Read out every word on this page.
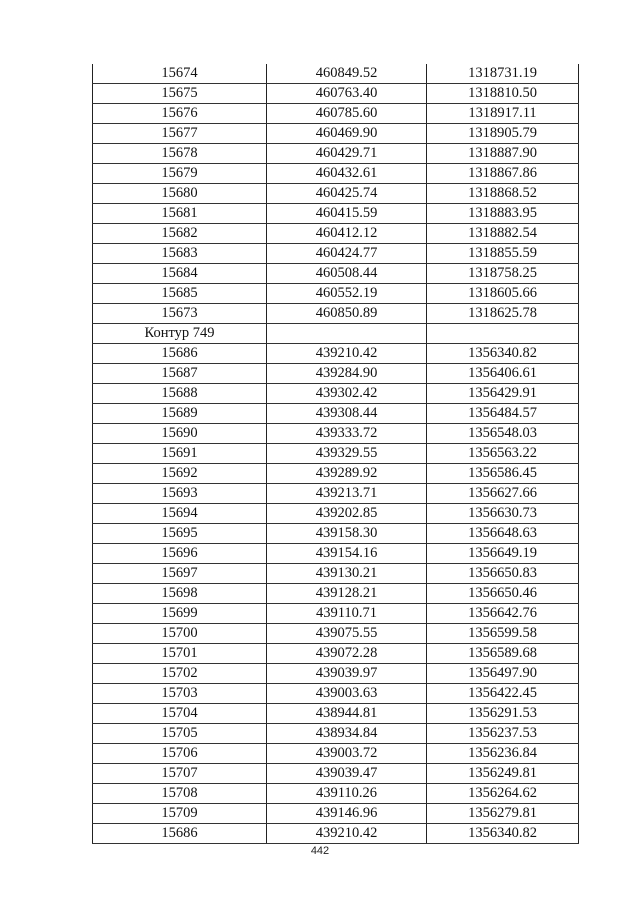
15674	460849.52	1318731.19
15675	460763.40	1318810.50
15676	460785.60	1318917.11
15677	460469.90	1318905.79
15678	460429.71	1318887.90
15679	460432.61	1318867.86
15680	460425.74	1318868.52
15681	460415.59	1318883.95
15682	460412.12	1318882.54
15683	460424.77	1318855.59
15684	460508.44	1318758.25
15685	460552.19	1318605.66
15673	460850.89	1318625.78
Контур 749		
15686	439210.42	1356340.82
15687	439284.90	1356406.61
15688	439302.42	1356429.91
15689	439308.44	1356484.57
15690	439333.72	1356548.03
15691	439329.55	1356563.22
15692	439289.92	1356586.45
15693	439213.71	1356627.66
15694	439202.85	1356630.73
15695	439158.30	1356648.63
15696	439154.16	1356649.19
15697	439130.21	1356650.83
15698	439128.21	1356650.46
15699	439110.71	1356642.76
15700	439075.55	1356599.58
15701	439072.28	1356589.68
15702	439039.97	1356497.90
15703	439003.63	1356422.45
15704	438944.81	1356291.53
15705	438934.84	1356237.53
15706	439003.72	1356236.84
15707	439039.47	1356249.81
15708	439110.26	1356264.62
15709	439146.96	1356279.81
15686	439210.42	1356340.82
442
